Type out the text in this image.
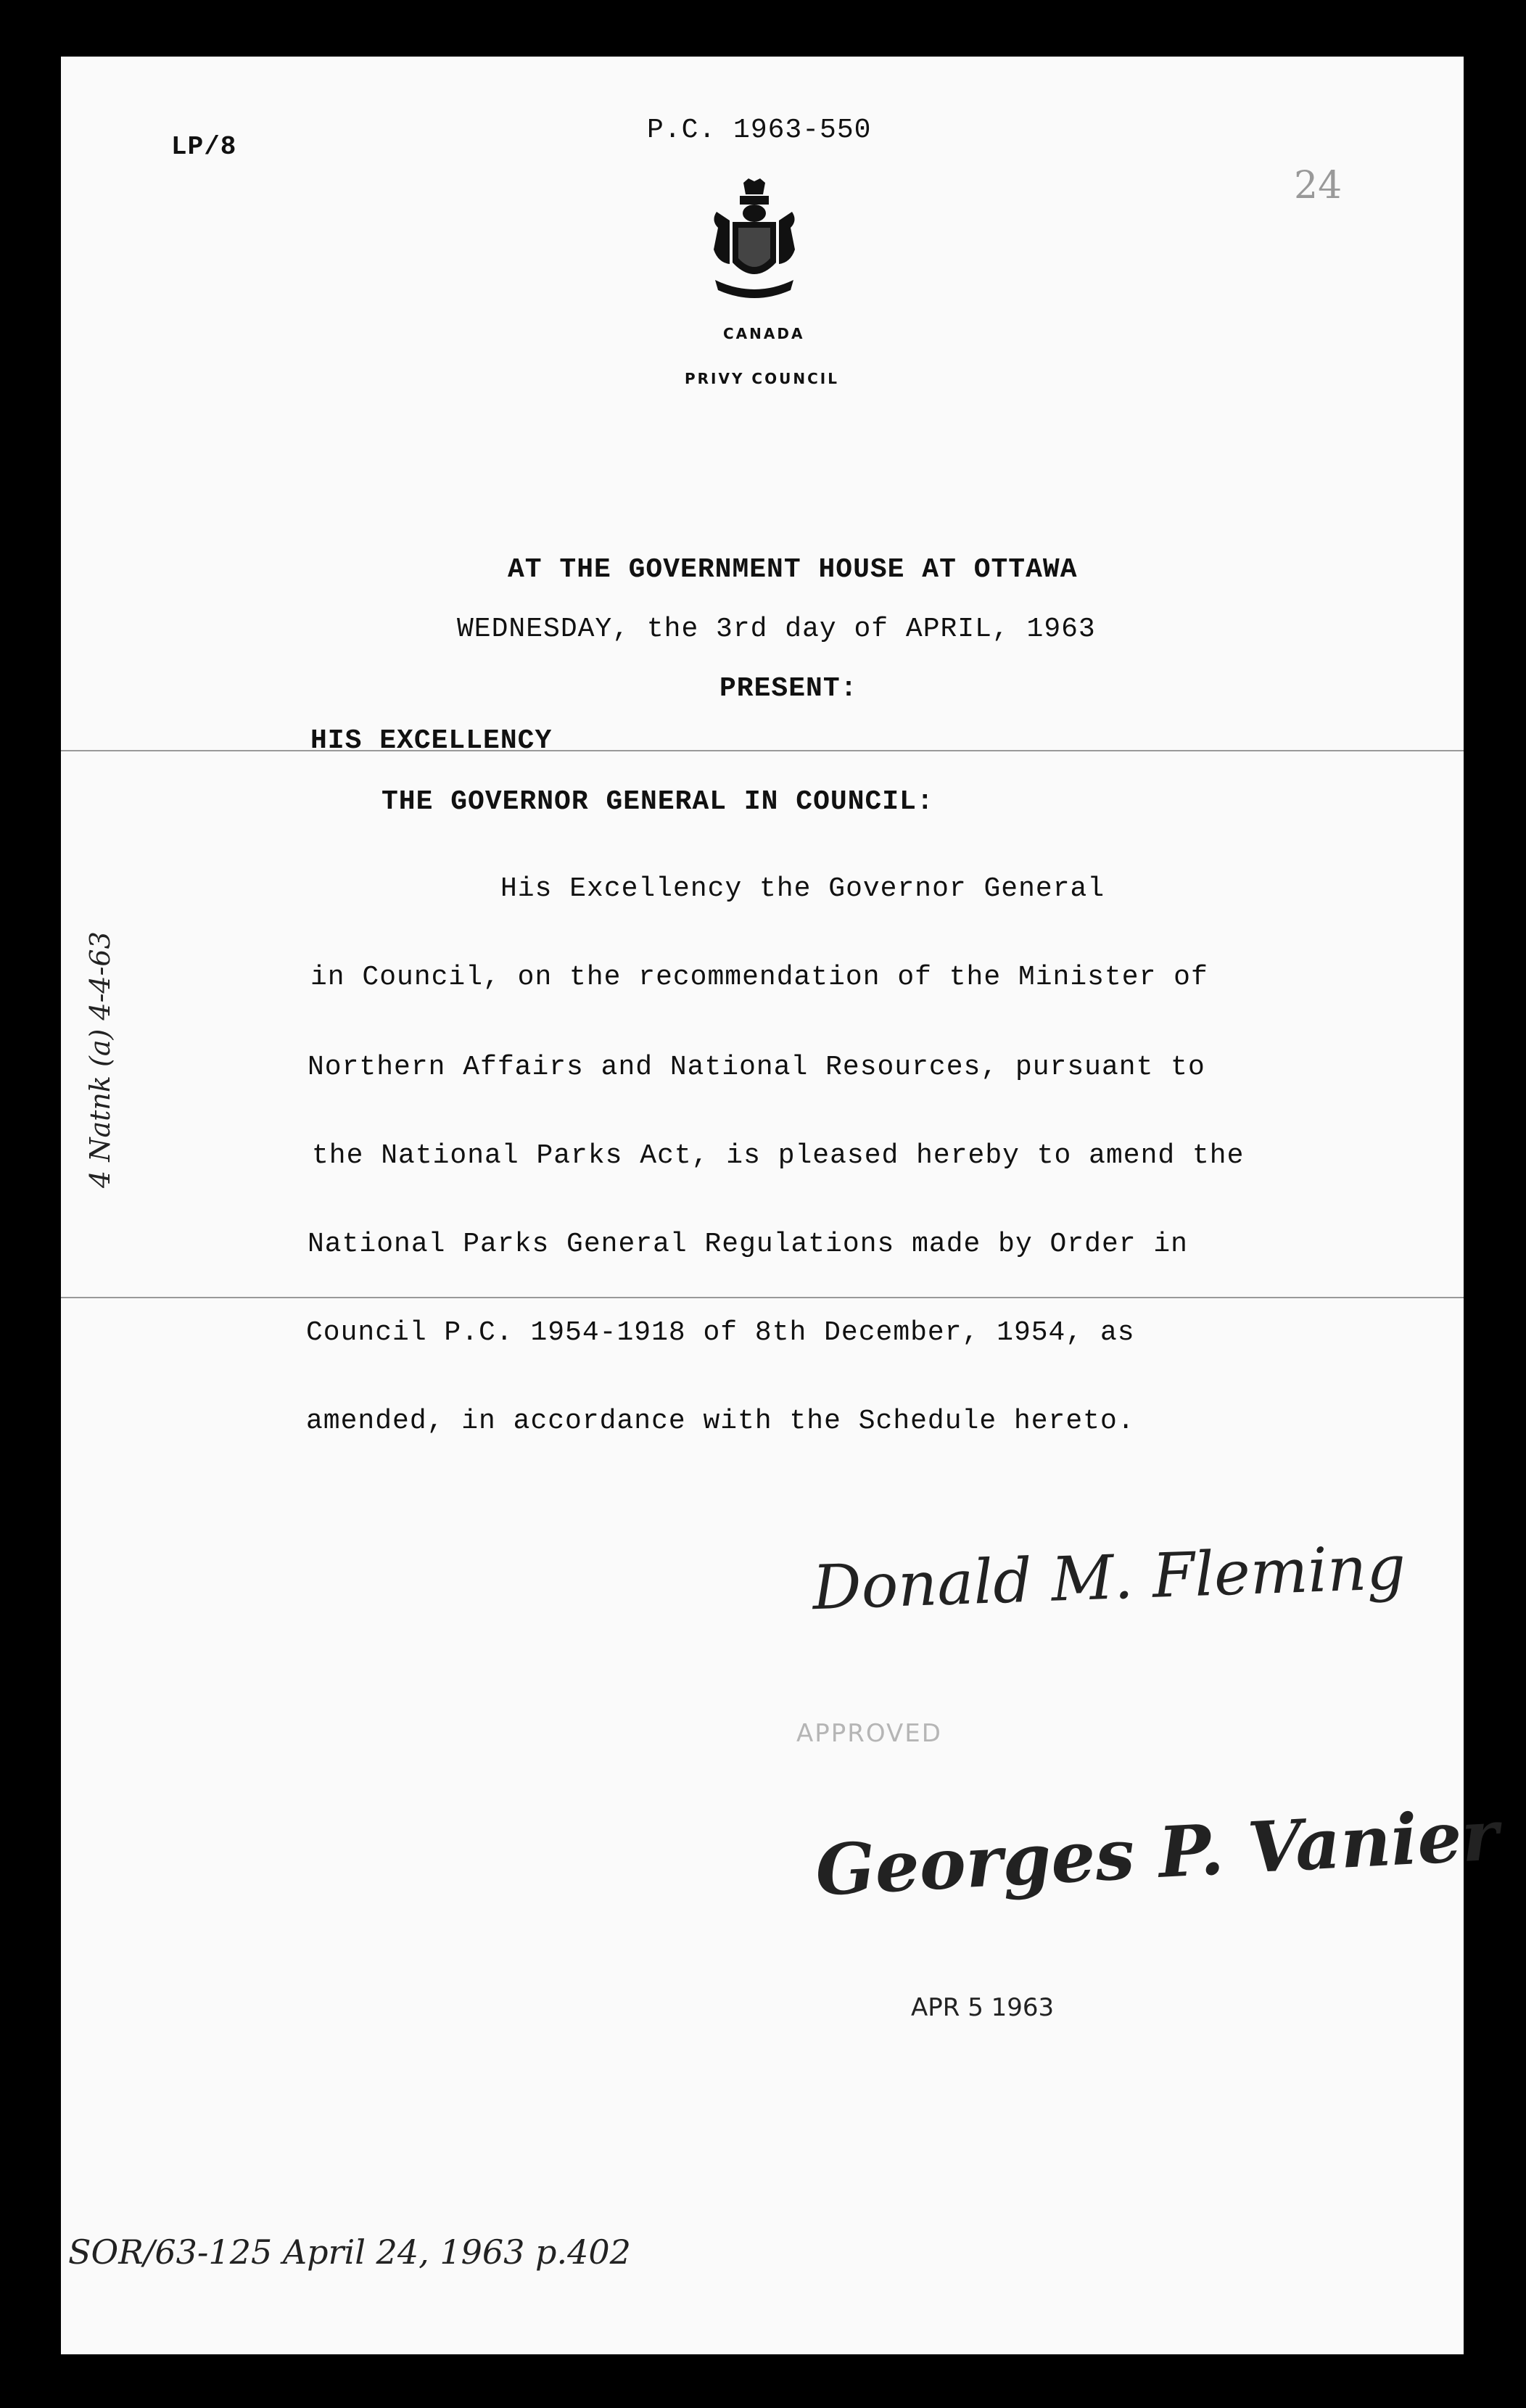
LP/8
P.C. 1963-550
24
CANADA
PRIVY COUNCIL
AT THE GOVERNMENT HOUSE AT OTTAWA
WEDNESDAY, the 3rd day of APRIL, 1963
PRESENT:
HIS EXCELLENCY
THE GOVERNOR GENERAL IN COUNCIL:
His Excellency the Governor General
in Council, on the recommendation of the Minister of
Northern Affairs and National Resources, pursuant to
the National Parks Act, is pleased hereby to amend the
National Parks General Regulations made by Order in
Council P.C. 1954-1918 of 8th December, 1954, as
amended, in accordance with the Schedule hereto.
Donald M. Fleming
APPROVED
Georges P. Vanier
APR 5 1963
4 Natnk (a) 4-4-63
SOR/63-125 April 24, 1963 p.402
